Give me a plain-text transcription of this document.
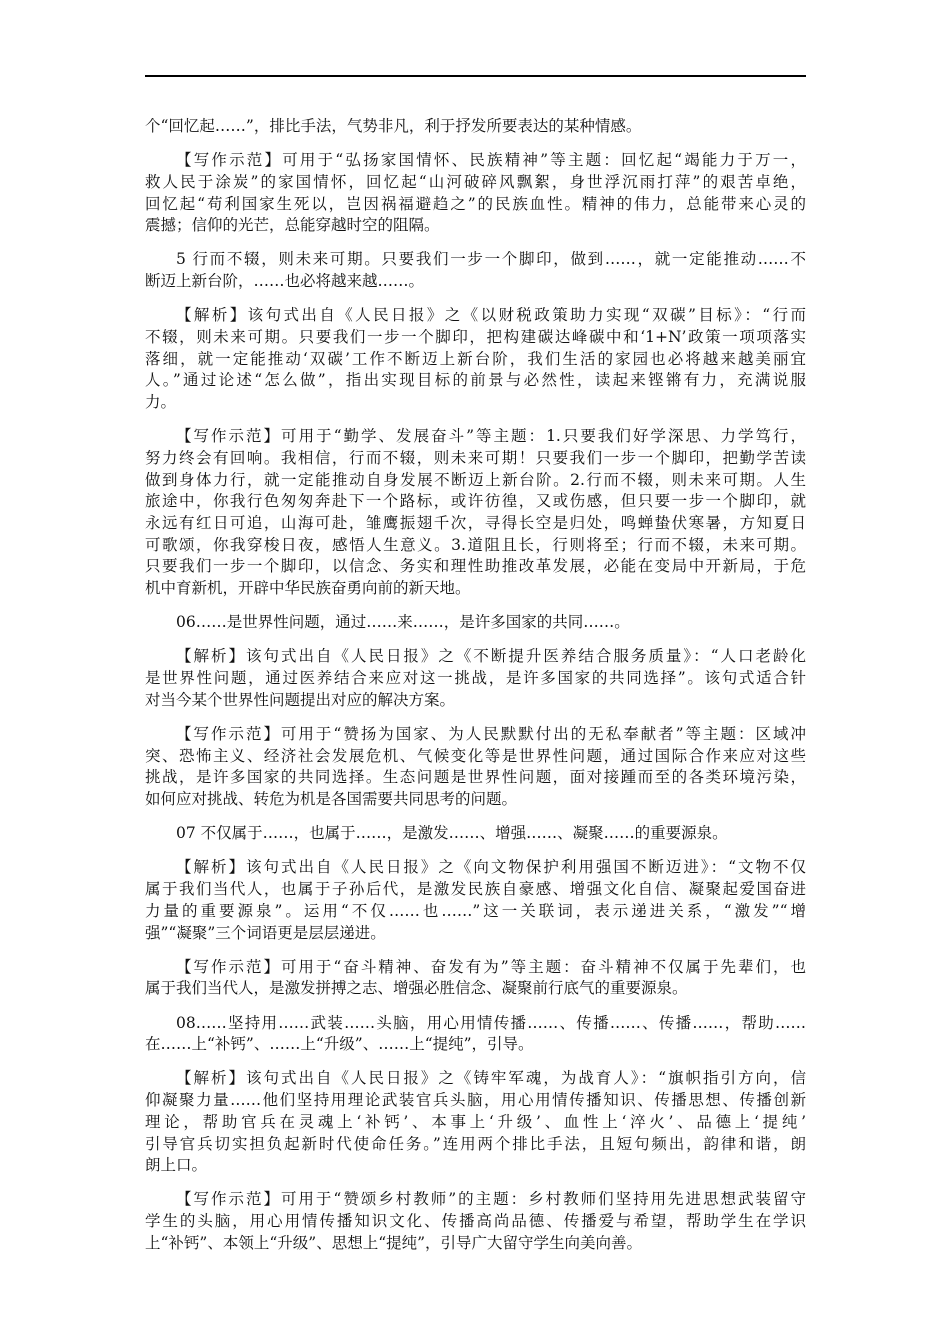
个“回忆起……”，排比手法，气势非凡，利于抒发所要表达的某种情感。
【写作示范】可用于“弘扬家国情怀、民族精神”等主题：回忆起“竭能力于万一，
救人民于涂炭”的家国情怀，回忆起“山河破碎风飘絮，身世浮沉雨打萍”的艰苦卓绝，
回忆起“苟利国家生死以，岂因祸福避趋之”的民族血性。精神的伟力，总能带来心灵的
震撼；信仰的光芒，总能穿越时空的阻隔。
5 行而不辍，则未来可期。只要我们一步一个脚印，做到……，就一定能推动……不
断迈上新台阶，……也必将越来越……。
【解析】该句式出自《人民日报》之《以财税政策助力实现“双碳”目标》：“行而
不辍，则未来可期。只要我们一步一个脚印，把构建碳达峰碳中和‘1+N’政策一项项落实
落细，就一定能推动‘双碳’工作不断迈上新台阶，我们生活的家园也必将越来越美丽宜
人。”通过论述“怎么做”，指出实现目标的前景与必然性，读起来铿锵有力，充满说服
力。
【写作示范】可用于“勤学、发展奋斗”等主题：1.只要我们好学深思、力学笃行，
努力终会有回响。我相信，行而不辍，则未来可期！只要我们一步一个脚印，把勤学苦读
做到身体力行，就一定能推动自身发展不断迈上新台阶。2.行而不辍，则未来可期。人生
旅途中，你我行色匆匆奔赴下一个路标，或许彷徨，又或伤感，但只要一步一个脚印，就
永远有红日可追，山海可赴，雏鹰振翅千次，寻得长空是归处，鸣蝉蛰伏寒暑，方知夏日
可歌颂，你我穿梭日夜，感悟人生意义。3.道阻且长，行则将至；行而不辍，未来可期。
只要我们一步一个脚印，以信念、务实和理性助推改革发展，必能在变局中开新局，于危
机中育新机，开辟中华民族奋勇向前的新天地。
06……是世界性问题，通过……来……，是许多国家的共同……。
【解析】该句式出自《人民日报》之《不断提升医养结合服务质量》：“人口老龄化
是世界性问题，通过医养结合来应对这一挑战，是许多国家的共同选择”。该句式适合针
对当今某个世界性问题提出对应的解决方案。
【写作示范】可用于“赞扬为国家、为人民默默付出的无私奉献者”等主题：区域冲
突、恐怖主义、经济社会发展危机、气候变化等是世界性问题，通过国际合作来应对这些
挑战，是许多国家的共同选择。生态问题是世界性问题，面对接踵而至的各类环境污染，
如何应对挑战、转危为机是各国需要共同思考的问题。
07 不仅属于……，也属于……，是激发……、增强……、凝聚……的重要源泉。
【解析】该句式出自《人民日报》之《向文物保护利用强国不断迈进》：“文物不仅
属于我们当代人，也属于子孙后代，是激发民族自豪感、增强文化自信、凝聚起爱国奋进
力量的重要源泉”。运用“不仅……也……”这一关联词，表示递进关系，“激发”“增
强”“凝聚”三个词语更是层层递进。
【写作示范】可用于“奋斗精神、奋发有为”等主题：奋斗精神不仅属于先辈们，也
属于我们当代人，是激发拼搏之志、增强必胜信念、凝聚前行底气的重要源泉。
08……坚持用……武装……头脑，用心用情传播……、传播……、传播……，帮助……
在……上“补钙”、……上“升级”、……上“提纯”，引导。
【解析】该句式出自《人民日报》之《铸牢军魂，为战育人》：“旗帜指引方向，信
仰凝聚力量……他们坚持用理论武装官兵头脑，用心用情传播知识、传播思想、传播创新
理论，帮助官兵在灵魂上‘补钙’、本事上‘升级’、血性上‘淬火’、品德上‘提纯’
引导官兵切实担负起新时代使命任务。”连用两个排比手法，且短句频出，韵律和谐，朗
朗上口。
【写作示范】可用于“赞颂乡村教师”的主题：乡村教师们坚持用先进思想武装留守
学生的头脑，用心用情传播知识文化、传播高尚品德、传播爱与希望，帮助学生在学识
上“补钙”、本领上“升级”、思想上“提纯”，引导广大留守学生向美向善。
